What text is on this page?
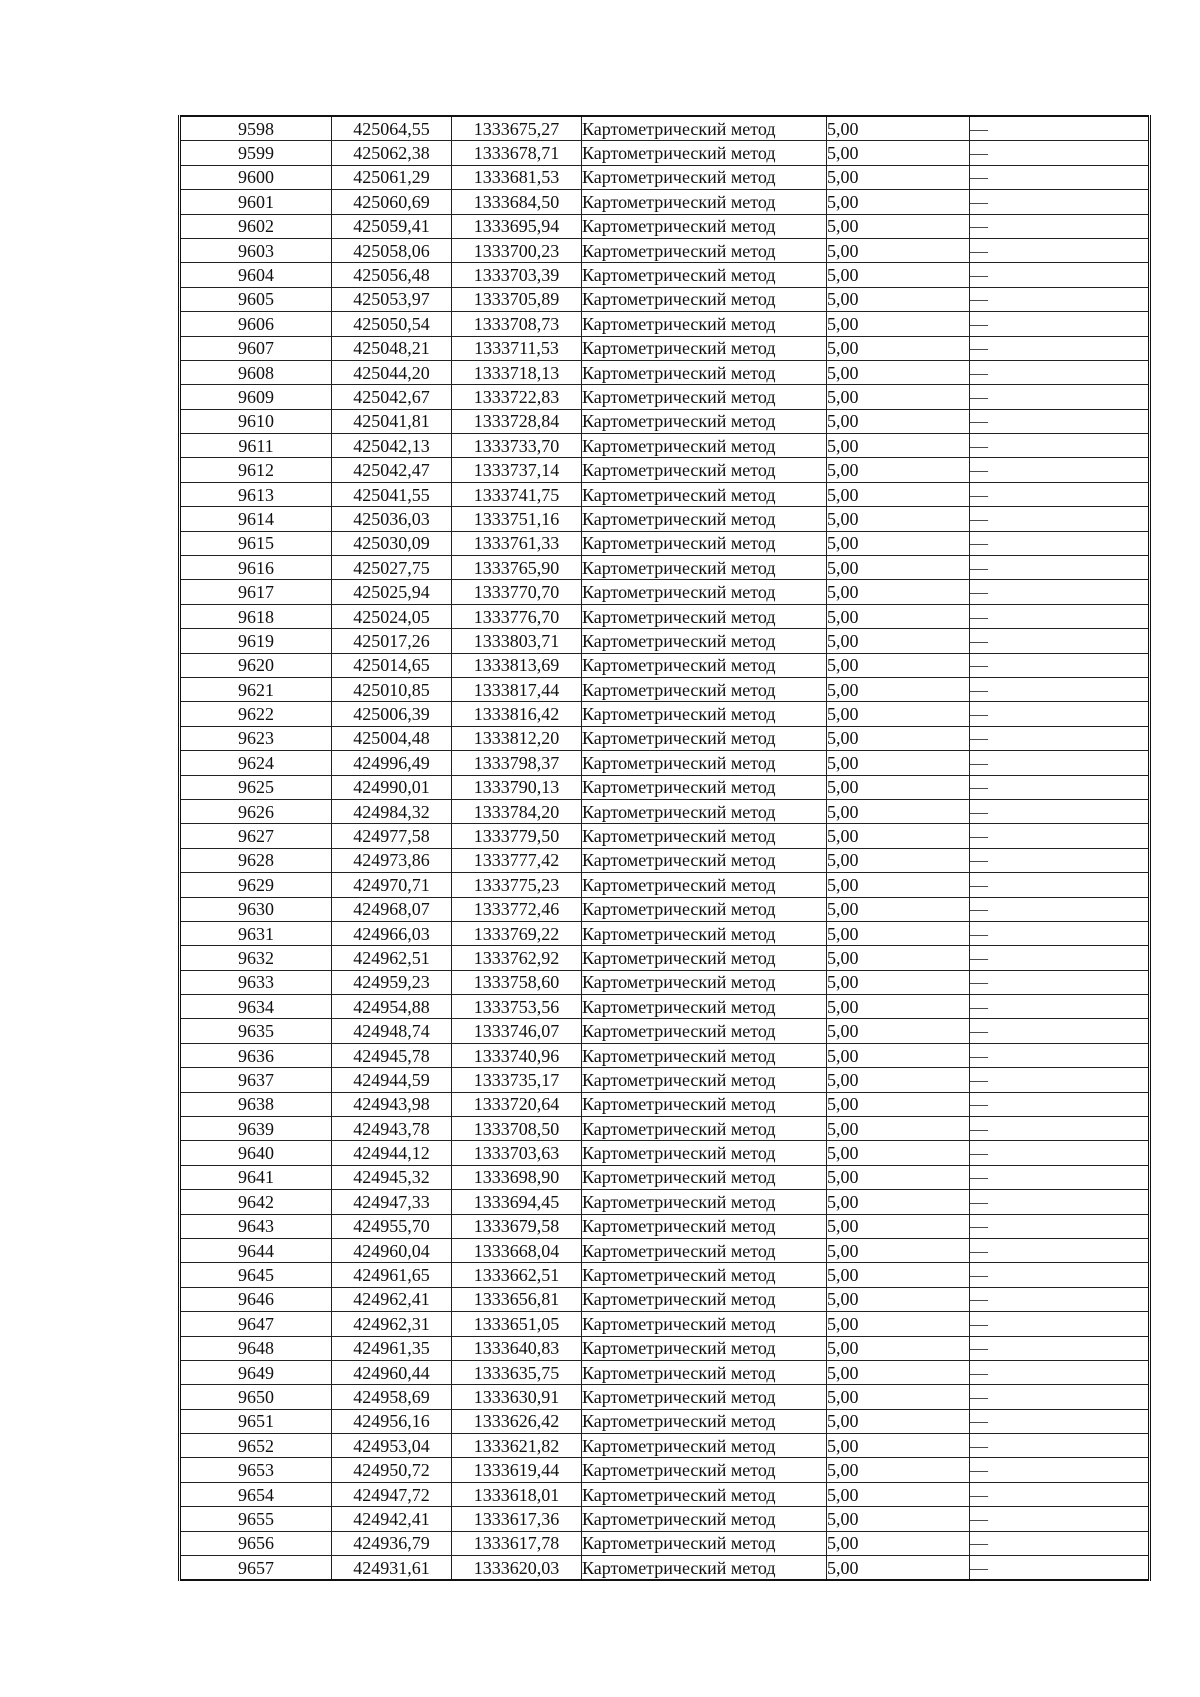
9598	425064,55	1333675,27	Картометрический метод	5,00	—
9599	425062,38	1333678,71	Картометрический метод	5,00	—
9600	425061,29	1333681,53	Картометрический метод	5,00	—
9601	425060,69	1333684,50	Картометрический метод	5,00	—
9602	425059,41	1333695,94	Картометрический метод	5,00	—
9603	425058,06	1333700,23	Картометрический метод	5,00	—
9604	425056,48	1333703,39	Картометрический метод	5,00	—
9605	425053,97	1333705,89	Картометрический метод	5,00	—
9606	425050,54	1333708,73	Картометрический метод	5,00	—
9607	425048,21	1333711,53	Картометрический метод	5,00	—
9608	425044,20	1333718,13	Картометрический метод	5,00	—
9609	425042,67	1333722,83	Картометрический метод	5,00	—
9610	425041,81	1333728,84	Картометрический метод	5,00	—
9611	425042,13	1333733,70	Картометрический метод	5,00	—
9612	425042,47	1333737,14	Картометрический метод	5,00	—
9613	425041,55	1333741,75	Картометрический метод	5,00	—
9614	425036,03	1333751,16	Картометрический метод	5,00	—
9615	425030,09	1333761,33	Картометрический метод	5,00	—
9616	425027,75	1333765,90	Картометрический метод	5,00	—
9617	425025,94	1333770,70	Картометрический метод	5,00	—
9618	425024,05	1333776,70	Картометрический метод	5,00	—
9619	425017,26	1333803,71	Картометрический метод	5,00	—
9620	425014,65	1333813,69	Картометрический метод	5,00	—
9621	425010,85	1333817,44	Картометрический метод	5,00	—
9622	425006,39	1333816,42	Картометрический метод	5,00	—
9623	425004,48	1333812,20	Картометрический метод	5,00	—
9624	424996,49	1333798,37	Картометрический метод	5,00	—
9625	424990,01	1333790,13	Картометрический метод	5,00	—
9626	424984,32	1333784,20	Картометрический метод	5,00	—
9627	424977,58	1333779,50	Картометрический метод	5,00	—
9628	424973,86	1333777,42	Картометрический метод	5,00	—
9629	424970,71	1333775,23	Картометрический метод	5,00	—
9630	424968,07	1333772,46	Картометрический метод	5,00	—
9631	424966,03	1333769,22	Картометрический метод	5,00	—
9632	424962,51	1333762,92	Картометрический метод	5,00	—
9633	424959,23	1333758,60	Картометрический метод	5,00	—
9634	424954,88	1333753,56	Картометрический метод	5,00	—
9635	424948,74	1333746,07	Картометрический метод	5,00	—
9636	424945,78	1333740,96	Картометрический метод	5,00	—
9637	424944,59	1333735,17	Картометрический метод	5,00	—
9638	424943,98	1333720,64	Картометрический метод	5,00	—
9639	424943,78	1333708,50	Картометрический метод	5,00	—
9640	424944,12	1333703,63	Картометрический метод	5,00	—
9641	424945,32	1333698,90	Картометрический метод	5,00	—
9642	424947,33	1333694,45	Картометрический метод	5,00	—
9643	424955,70	1333679,58	Картометрический метод	5,00	—
9644	424960,04	1333668,04	Картометрический метод	5,00	—
9645	424961,65	1333662,51	Картометрический метод	5,00	—
9646	424962,41	1333656,81	Картометрический метод	5,00	—
9647	424962,31	1333651,05	Картометрический метод	5,00	—
9648	424961,35	1333640,83	Картометрический метод	5,00	—
9649	424960,44	1333635,75	Картометрический метод	5,00	—
9650	424958,69	1333630,91	Картометрический метод	5,00	—
9651	424956,16	1333626,42	Картометрический метод	5,00	—
9652	424953,04	1333621,82	Картометрический метод	5,00	—
9653	424950,72	1333619,44	Картометрический метод	5,00	—
9654	424947,72	1333618,01	Картометрический метод	5,00	—
9655	424942,41	1333617,36	Картометрический метод	5,00	—
9656	424936,79	1333617,78	Картометрический метод	5,00	—
9657	424931,61	1333620,03	Картометрический метод	5,00	—
